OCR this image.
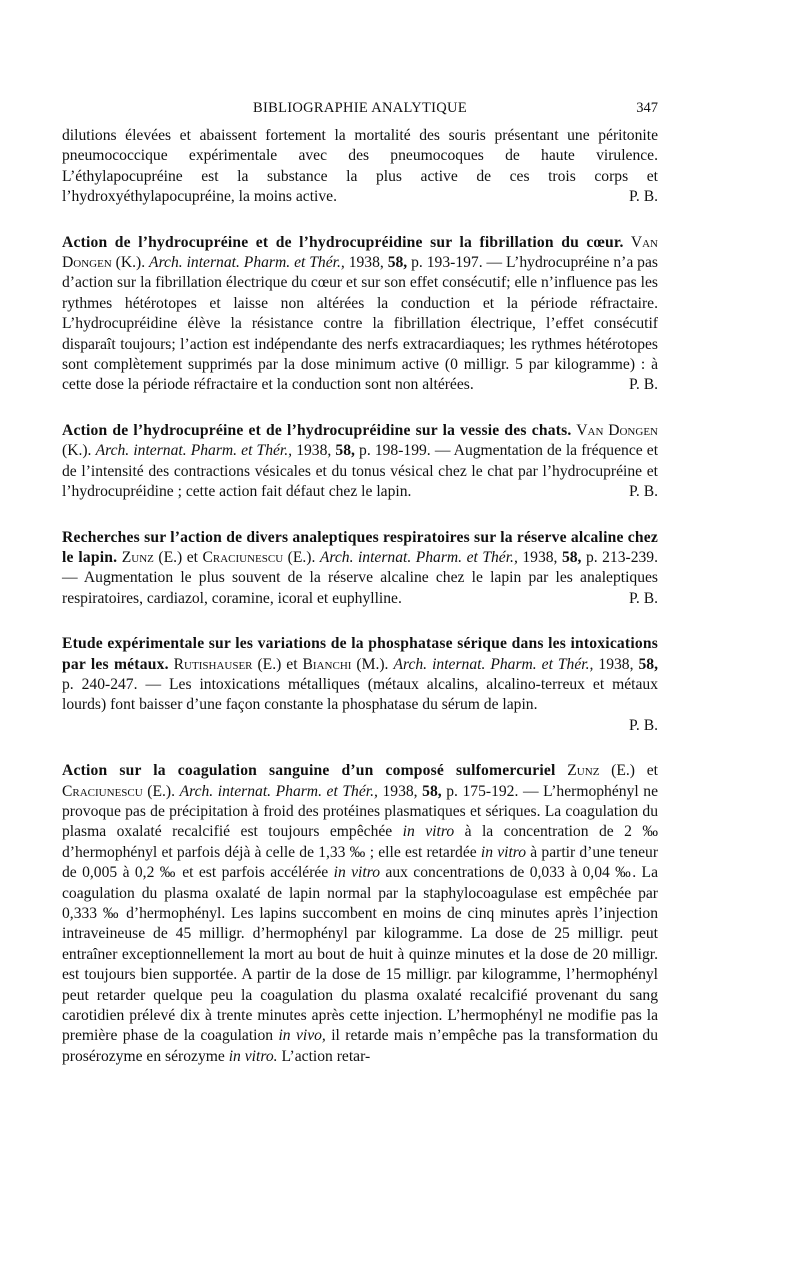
BIBLIOGRAPHIE ANALYTIQUE	347

dilutions élevées et abaissent fortement la mortalité des souris présentant une péritonite pneumococcique expérimentale avec des pneumocoques de haute virulence. L’éthylapocupréine est la substance la plus active de ces trois corps et l’hydroxyéthylapocupréine, la moins active.	P. B.

Action de l’hydrocupréine et de l’hydrocupréidine sur la fibrillation du cœur. Van Dongen (K.). Arch. internat. Pharm. et Thér., 1938, 58, p. 193-197. — L’hydrocupréine n’a pas d’action sur la fibrillation électrique du cœur et sur son effet consécutif; elle n’influence pas les rythmes hétérotopes et laisse non altérées la conduction et la période réfractaire. L’hydrocupréidine élève la résistance contre la fibrillation électrique, l’effet consécutif disparaît toujours; l’action est indépendante des nerfs extracardiaques; les rythmes hétérotopes sont complètement supprimés par la dose minimum active (0 milligr. 5 par kilogramme) : à cette dose la période réfractaire et la conduction sont non altérées.	P. B.

Action de l’hydrocupréine et de l’hydrocupréidine sur la vessie des chats. Van Dongen (K.). Arch. internat. Pharm. et Thér., 1938, 58, p. 198-199. — Augmentation de la fréquence et de l’intensité des contractions vésicales et du tonus vésical chez le chat par l’hydrocupréine et l’hydrocupréidine ; cette action fait défaut chez le lapin.	P. B.

Recherches sur l’action de divers analeptiques respiratoires sur la réserve alcaline chez le lapin. Zunz (E.) et Craciunescu (E.). Arch. internat. Pharm. et Thér., 1938, 58, p. 213-239. — Augmentation le plus souvent de la réserve alcaline chez le lapin par les analeptiques respiratoires, cardiazol, coramine, icoral et euphylline.	P. B.

Etude expérimentale sur les variations de la phosphatase sérique dans les intoxications par les métaux. Rutishauser (E.) et Bianchi (M.). Arch. internat. Pharm. et Thér., 1938, 58, p. 240-247. — Les intoxications métalliques (métaux alcalins, alcalino-terreux et métaux lourds) font baisser d’une façon constante la phosphatase du sérum de lapin.

P. B.

Action sur la coagulation sanguine d’un composé sulfomercuriel Zunz (E.) et Craciunescu (E.). Arch. internat. Pharm. et Thér., 1938, 58, p. 175-192. — L’hermophényl ne provoque pas de précipitation à froid des protéines plasmatiques et sériques. La coagulation du plasma oxalaté recalcifié est toujours empêchée in vitro à la concentration de 2 ‰ d’hermophényl et parfois déjà à celle de 1,33 ‰ ; elle est retardée in vitro à partir d’une teneur de 0,005 à 0,2 ‰ et est parfois accélérée in vitro aux concentrations de 0,033 à 0,04 ‰. La coagulation du plasma oxalaté de lapin normal par la staphylocoagulase est empêchée par 0,333 ‰ d’hermophényl. Les lapins succombent en moins de cinq minutes après l’injection intraveineuse de 45 milligr. d’hermophényl par kilogramme. La dose de 25 milligr. peut entraîner exceptionnellement la mort au bout de huit à quinze minutes et la dose de 20 milligr. est toujours bien supportée. A partir de la dose de 15 milligr. par kilogramme, l’hermophényl peut retarder quelque peu la coagulation du plasma oxalaté recalcifié provenant du sang carotidien prélevé dix à trente minutes après cette injection. L’hermophényl ne modifie pas la première phase de la coagulation in vivo, il retarde mais n’empêche pas la transformation du prosérozyme en sérozyme in vitro. L’action retar-
